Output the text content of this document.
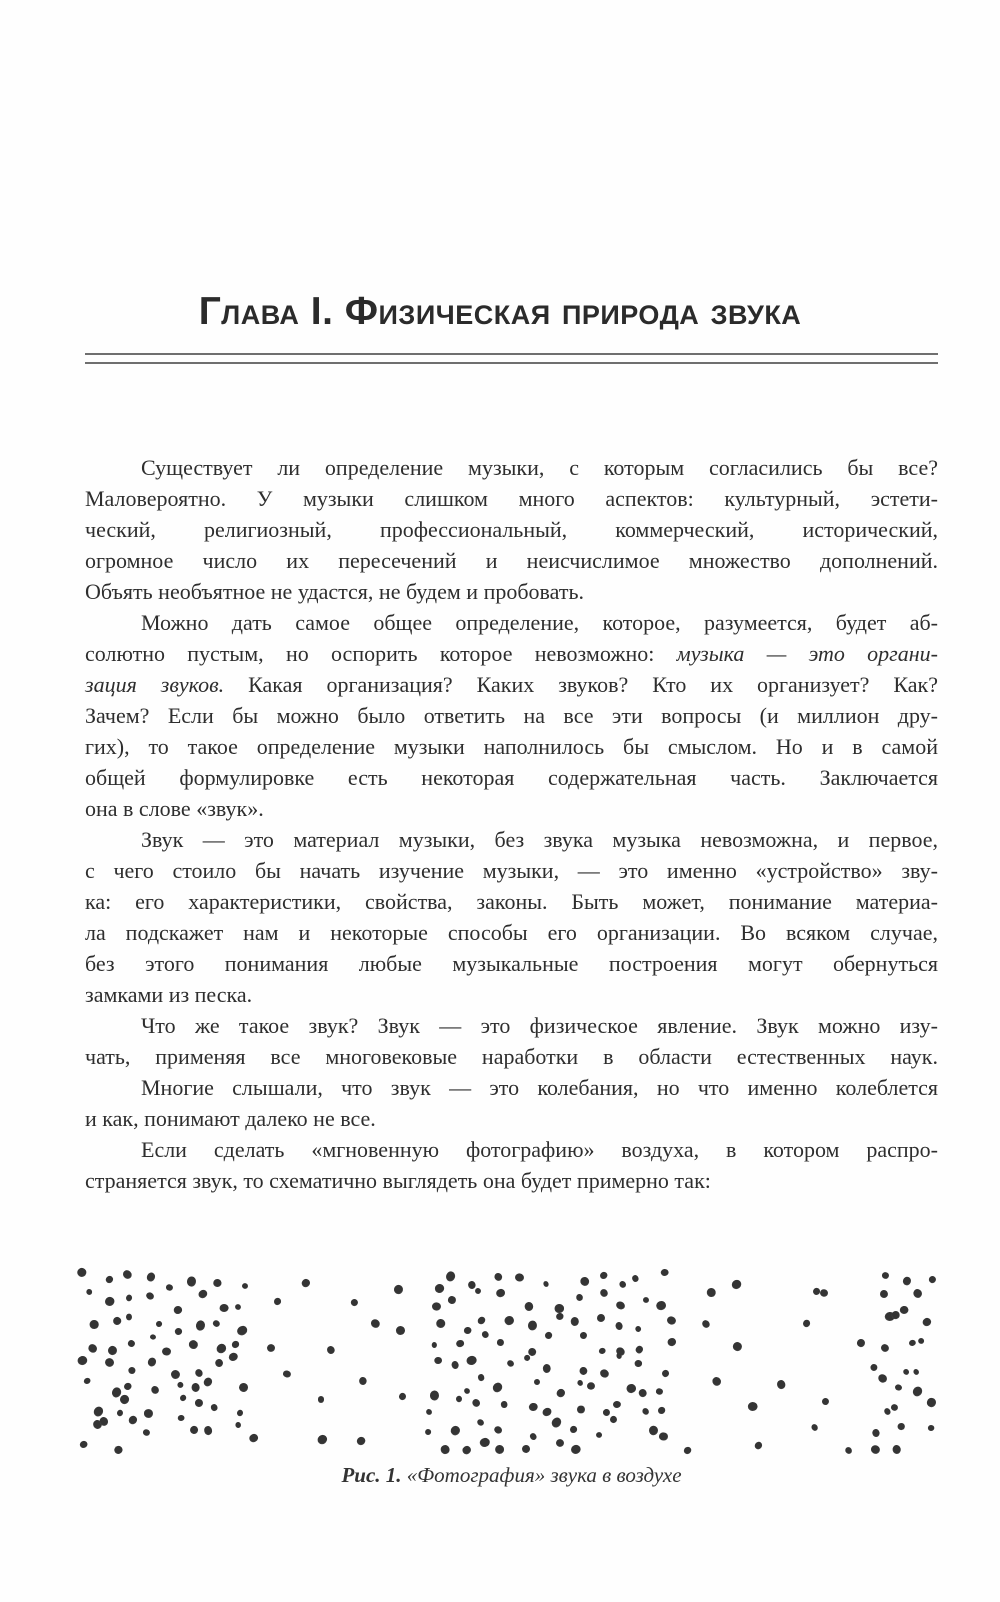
Глава I. Физическая природа звука
Существует ли определение музыки, с которым согласились бы все?
Маловероятно. У музыки слишком много аспектов: культурный, эстети-
ческий, религиозный, профессиональный, коммерческий, исторический,
огромное число их пересечений и неисчислимое множество дополнений.
Объять необъятное не удастся, не будем и пробовать.
Можно дать самое общее определение, которое, разумеется, будет аб-
солютно пустым, но оспорить которое невозможно: музыка — это органи-
зация звуков. Какая организация? Каких звуков? Кто их организует? Как?
Зачем? Если бы можно было ответить на все эти вопросы (и миллион дру-
гих), то такое определение музыки наполнилось бы смыслом. Но и в самой
общей формулировке есть некоторая содержательная часть. Заключается
она в слове «звук».
Звук — это материал музыки, без звука музыка невозможна, и первое,
с чего стоило бы начать изучение музыки, — это именно «устройство» зву-
ка: его характеристики, свойства, законы. Быть может, понимание материа-
ла подскажет нам и некоторые способы его организации. Во всяком случае,
без этого понимания любые музыкальные построения могут обернуться
замками из песка.
Что же такое звук? Звук — это физическое явление. Звук можно изу-
чать, применяя все многовековые наработки в области естественных наук.
Многие слышали, что звук — это колебания, но что именно колеблется
и как, понимают далеко не все.
Если сделать «мгновенную фотографию» воздуха, в котором распро-
страняется звук, то схематично выглядеть она будет примерно так:
Рис. 1. «Фотография» звука в воздухе
